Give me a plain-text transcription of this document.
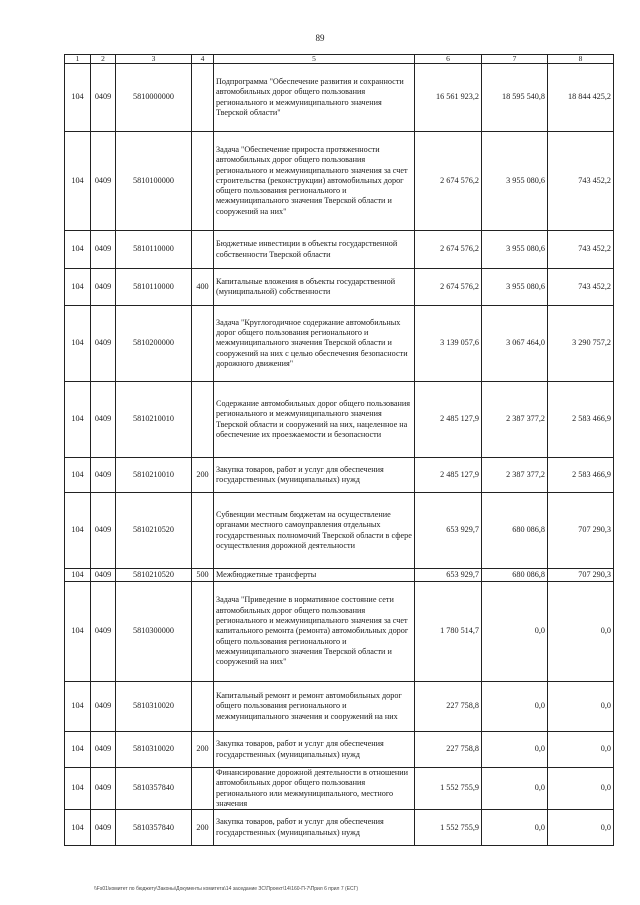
89
1	2	3	4	5	6	7	8
104	0409	5810000000		Подпрограмма "Обеспечение развития и сохранности автомобильных дорог общего пользования регионального и межмуниципального значения Тверской области"	16 561 923,2	18 595 540,8	18 844 425,2
104	0409	5810100000		Задача "Обеспечение прироста протяженности автомобильных дорог общего пользования регионального и межмуниципального значения за счет строительства (реконструкции) автомобильных дорог общего пользования регионального и межмуниципального значения Тверской области и сооружений на них"	2 674 576,2	3 955 080,6	743 452,2
104	0409	5810110000		Бюджетные инвестиции в объекты государственной собственности Тверской области	2 674 576,2	3 955 080,6	743 452,2
104	0409	5810110000	400	Капитальные вложения в объекты государственной (муниципальной) собственности	2 674 576,2	3 955 080,6	743 452,2
104	0409	5810200000		Задача "Круглогодичное содержание автомобильных дорог общего пользования регионального и межмуниципального значения Тверской области и сооружений на них с целью обеспечения безопасности дорожного движения"	3 139 057,6	3 067 464,0	3 290 757,2
104	0409	5810210010		Содержание автомобильных дорог общего пользования регионального и межмуниципального значения Тверской области и сооружений на них, нацеленное на обеспечение их проезжаемости и безопасности	2 485 127,9	2 387 377,2	2 583 466,9
104	0409	5810210010	200	Закупка товаров, работ и услуг для обеспечения государственных (муниципальных) нужд	2 485 127,9	2 387 377,2	2 583 466,9
104	0409	5810210520		Субвенции местным бюджетам на осуществление органами местного самоуправления отдельных государственных полномочий Тверской области в сфере осуществления дорожной деятельности	653 929,7	680 086,8	707 290,3
104	0409	5810210520	500	Межбюджетные трансферты	653 929,7	680 086,8	707 290,3
104	0409	5810300000		Задача "Приведение в нормативное состояние сети автомобильных дорог общего пользования регионального и межмуниципального значения за счет капитального ремонта (ремонта) автомобильных дорог общего пользования регионального и межмуниципального значения Тверской области и сооружений на них"	1 780 514,7	0,0	0,0
104	0409	5810310020		Капитальный ремонт и ремонт автомобильных дорог общего пользования регионального и межмуниципального значения и сооружений на них	227 758,8	0,0	0,0
104	0409	5810310020	200	Закупка товаров, работ и услуг для обеспечения государственных (муниципальных) нужд	227 758,8	0,0	0,0
104	0409	5810357840		Финансирование дорожной деятельности в отношении автомобильных дорог общего пользования регионального или межмуниципального, местного значения	1 552 755,9	0,0	0,0
104	0409	5810357840	200	Закупка товаров, работ и услуг для обеспечения государственных (муниципальных) нужд	1 552 755,9	0,0	0,0
\\Fs01\комитет по бюджету\Законы\Документы комитета\14 заседание ЗС\Проект\14\160-П-7\Прил 6 прил 7 (ЕСГ)
